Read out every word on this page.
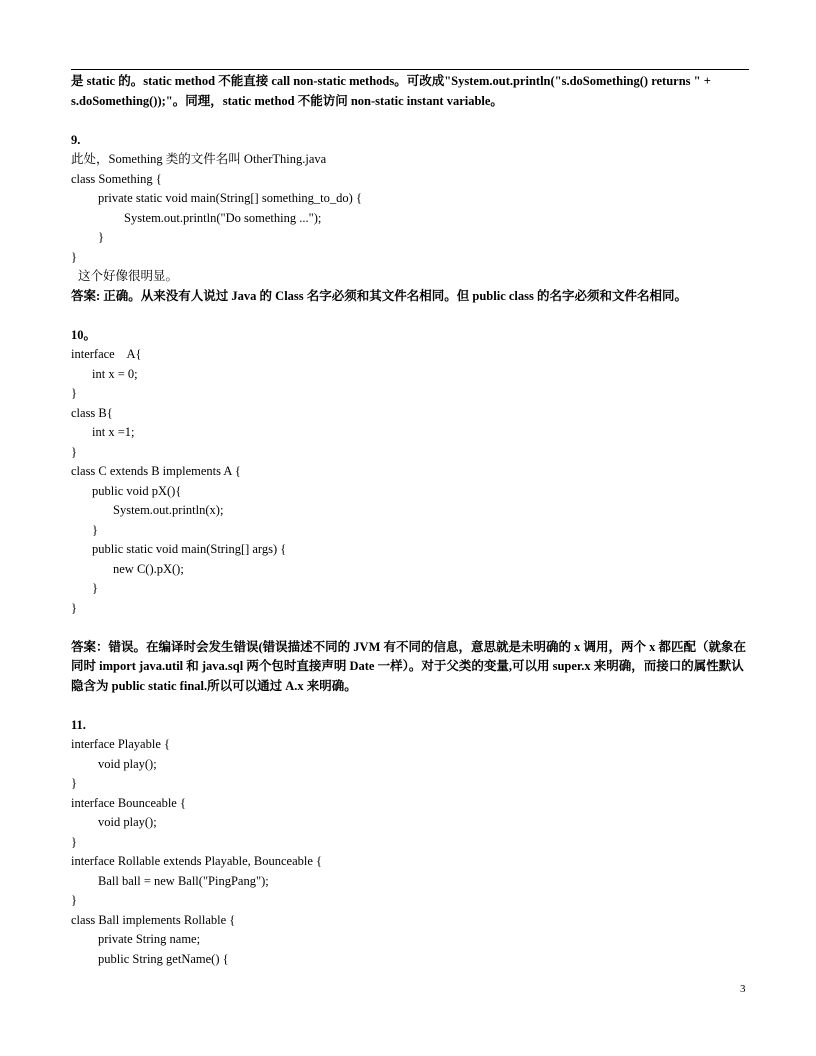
是 static 的。static method 不能直接 call non-static methods。可改成"System.out.println("s.doSomething() returns " +
s.doSomething());"。同理，static method 不能访问 non-static instant variable。
9.
此处，Something 类的文件名叫 OtherThing.java
class Something {
private static void main(String[] something_to_do) {
System.out.println("Do something ...");
}
}
这个好像很明显。
答案: 正确。从来没有人说过 Java 的 Class 名字必须和其文件名相同。但 public class 的名字必须和文件名相同。
10。
interface    A{
int x = 0;
}
class B{
int x =1;
}
class C extends B implements A {
public void pX(){
System.out.println(x);
}
public static void main(String[] args) {
new C().pX();
}
}
答案：错误。在编译时会发生错误(错误描述不同的 JVM 有不同的信息，意思就是未明确的 x 调用，两个 x 都匹配（就象在同时 import java.util 和 java.sql 两个包时直接声明 Date 一样）。对于父类的变量,可以用 super.x 来明确，而接口的属性默认隐含为 public static final.所以可以通过 A.x 来明确。
11.
interface Playable {
void play();
}
interface Bounceable {
void play();
}
interface Rollable extends Playable, Bounceable {
Ball ball = new Ball("PingPang");
}
class Ball implements Rollable {
private String name;
public String getName() {
3
